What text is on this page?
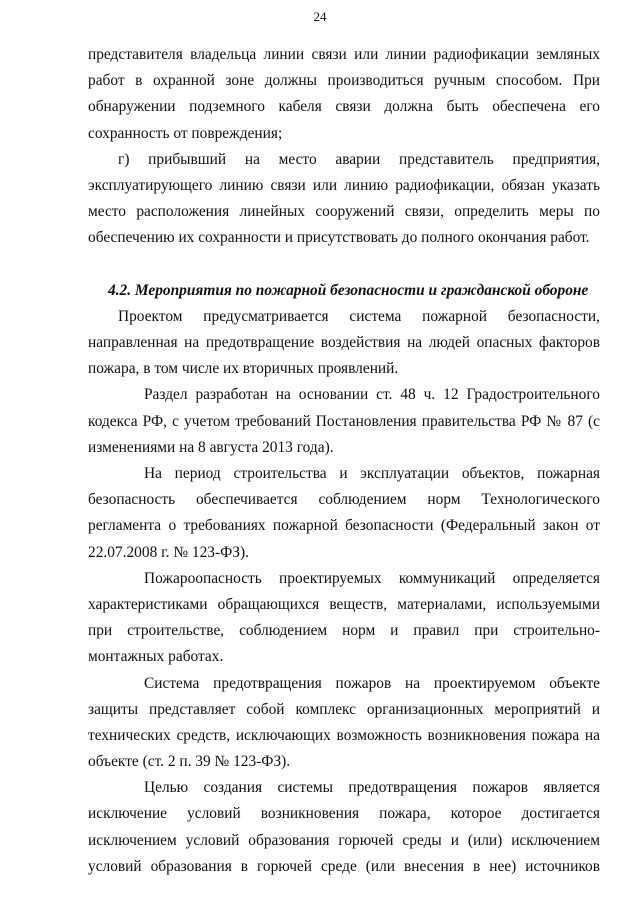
24
представителя владельца линии связи или линии радиофикации земляных
работ в охранной зоне должны производиться ручным способом. При
обнаружении подземного кабеля связи должна быть обеспечена его
сохранность от повреждения;
г) прибывший на место аварии представитель предприятия,
эксплуатирующего линию связи или линию радиофикации, обязан указать
место расположения линейных сооружений связи, определить меры по
обеспечению их сохранности и присутствовать до полного окончания работ.
4.2. Мероприятия по пожарной безопасности и гражданской обороне
Проектом предусматривается система пожарной безопасности,
направленная на предотвращение воздействия на людей опасных факторов
пожара, в том числе их вторичных проявлений.
Раздел разработан на основании ст. 48 ч. 12 Градостроительного
кодекса РФ, с учетом требований Постановления правительства РФ № 87 (с
изменениями на 8 августа 2013 года).
На период строительства и эксплуатации объектов, пожарная
безопасность обеспечивается соблюдением норм Технологического
регламента о требованиях пожарной безопасности (Федеральный закон от
22.07.2008 г. № 123-ФЗ).
Пожароопасность проектируемых коммуникаций определяется
характеристиками обращающихся веществ, материалами, используемыми
при строительстве, соблюдением норм и правил при строительно-
монтажных работах.
Система предотвращения пожаров на проектируемом объекте
защиты представляет собой комплекс организационных мероприятий и
технических средств, исключающих возможность возникновения пожара на
объекте (ст. 2 п. 39 № 123-ФЗ).
Целью создания системы предотвращения пожаров является
исключение условий возникновения пожара, которое достигается
исключением условий образования горючей среды и (или) исключением
условий образования в горючей среде (или внесения в нее) источников
